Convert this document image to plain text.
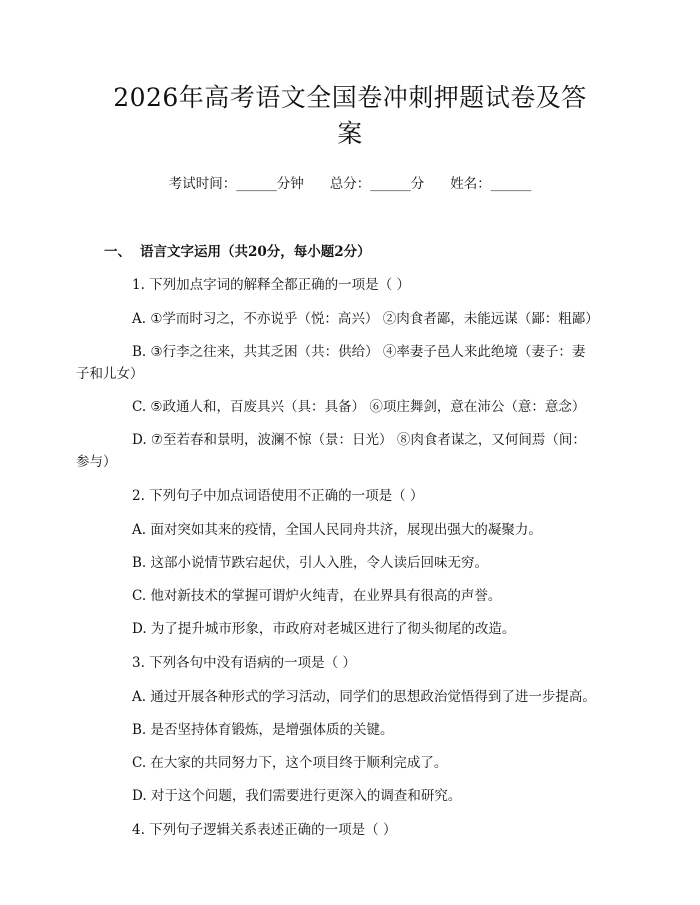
2026年高考语文全国卷冲刺押题试卷及答案
考试时间：______分钟 总分：______分 姓名：______
一、 语言文字运用（共20分，每小题2分）
1. 下列加点字词的解释全都正确的一项是（ ）
A. ①学而时习之，不亦说乎（悦：高兴） ②肉食者鄙，未能远谋（鄙：粗鄙）
B. ③行李之往来，共其乏困（共：供给） ④率妻子邑人来此绝境（妻子：妻子和儿女）
C. ⑤政通人和，百废具兴（具：具备） ⑥项庄舞剑，意在沛公（意：意念）
D. ⑦至若春和景明，波澜不惊（景：日光） ⑧肉食者谋之，又何间焉（间：参与）
2. 下列句子中加点词语使用不正确的一项是（ ）
A. 面对突如其来的疫情，全国人民同舟共济，展现出强大的凝聚力。
B. 这部小说情节跌宕起伏，引人入胜，令人读后回味无穷。
C. 他对新技术的掌握可谓炉火纯青，在业界具有很高的声誉。
D. 为了提升城市形象，市政府对老城区进行了彻头彻尾的改造。
3. 下列各句中没有语病的一项是（ ）
A. 通过开展各种形式的学习活动，同学们的思想政治觉悟得到了进一步提高。
B. 是否坚持体育锻炼，是增强体质的关键。
C. 在大家的共同努力下，这个项目终于顺利完成了。
D. 对于这个问题，我们需要进行更深入的调查和研究。
4. 下列句子逻辑关系表述正确的一项是（ ）
